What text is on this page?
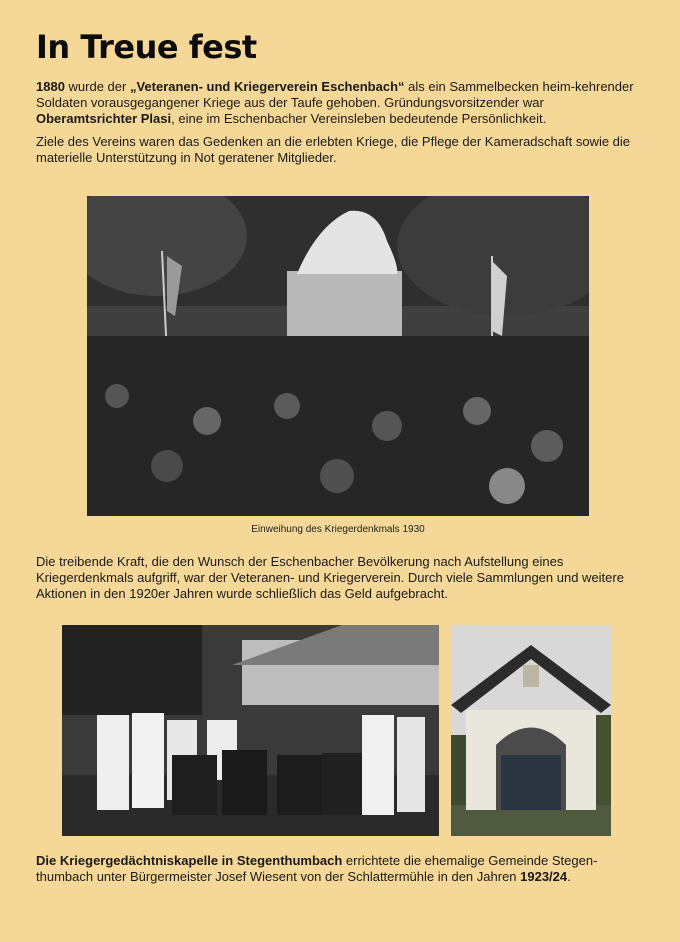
In Treue fest
1880 wurde der „Veteranen- und Kriegerverein Eschenbach“ als ein Sammelbecken heim-kehrender Soldaten vorausgegangener Kriege aus der Taufe gehoben. Gründungsvorsitzender war Oberamtsrichter Plasi, eine im Eschenbacher Vereinsleben bedeutende Persönlichkeit.
Ziele des Vereins waren das Gedenken an die erlebten Kriege, die Pflege der Kameradschaft sowie die materielle Unterstützung in Not geratener Mitglieder.
Einweihung des Kriegerdenkmals 1930
Die treibende Kraft, die den Wunsch der Eschenbacher Bevölkerung nach Aufstellung eines Kriegerdenkmals aufgriff, war der Veteranen- und Kriegerverein. Durch viele Sammlungen und weitere Aktionen in den 1920er Jahren wurde schließlich das Geld aufgebracht.
Die Kriegergedächtniskapelle in Stegenthumbach errichtete die ehemalige Gemeinde Stegen-thumbach unter Bürgermeister Josef Wiesent von der Schlattermühle in den Jahren 1923/24.
